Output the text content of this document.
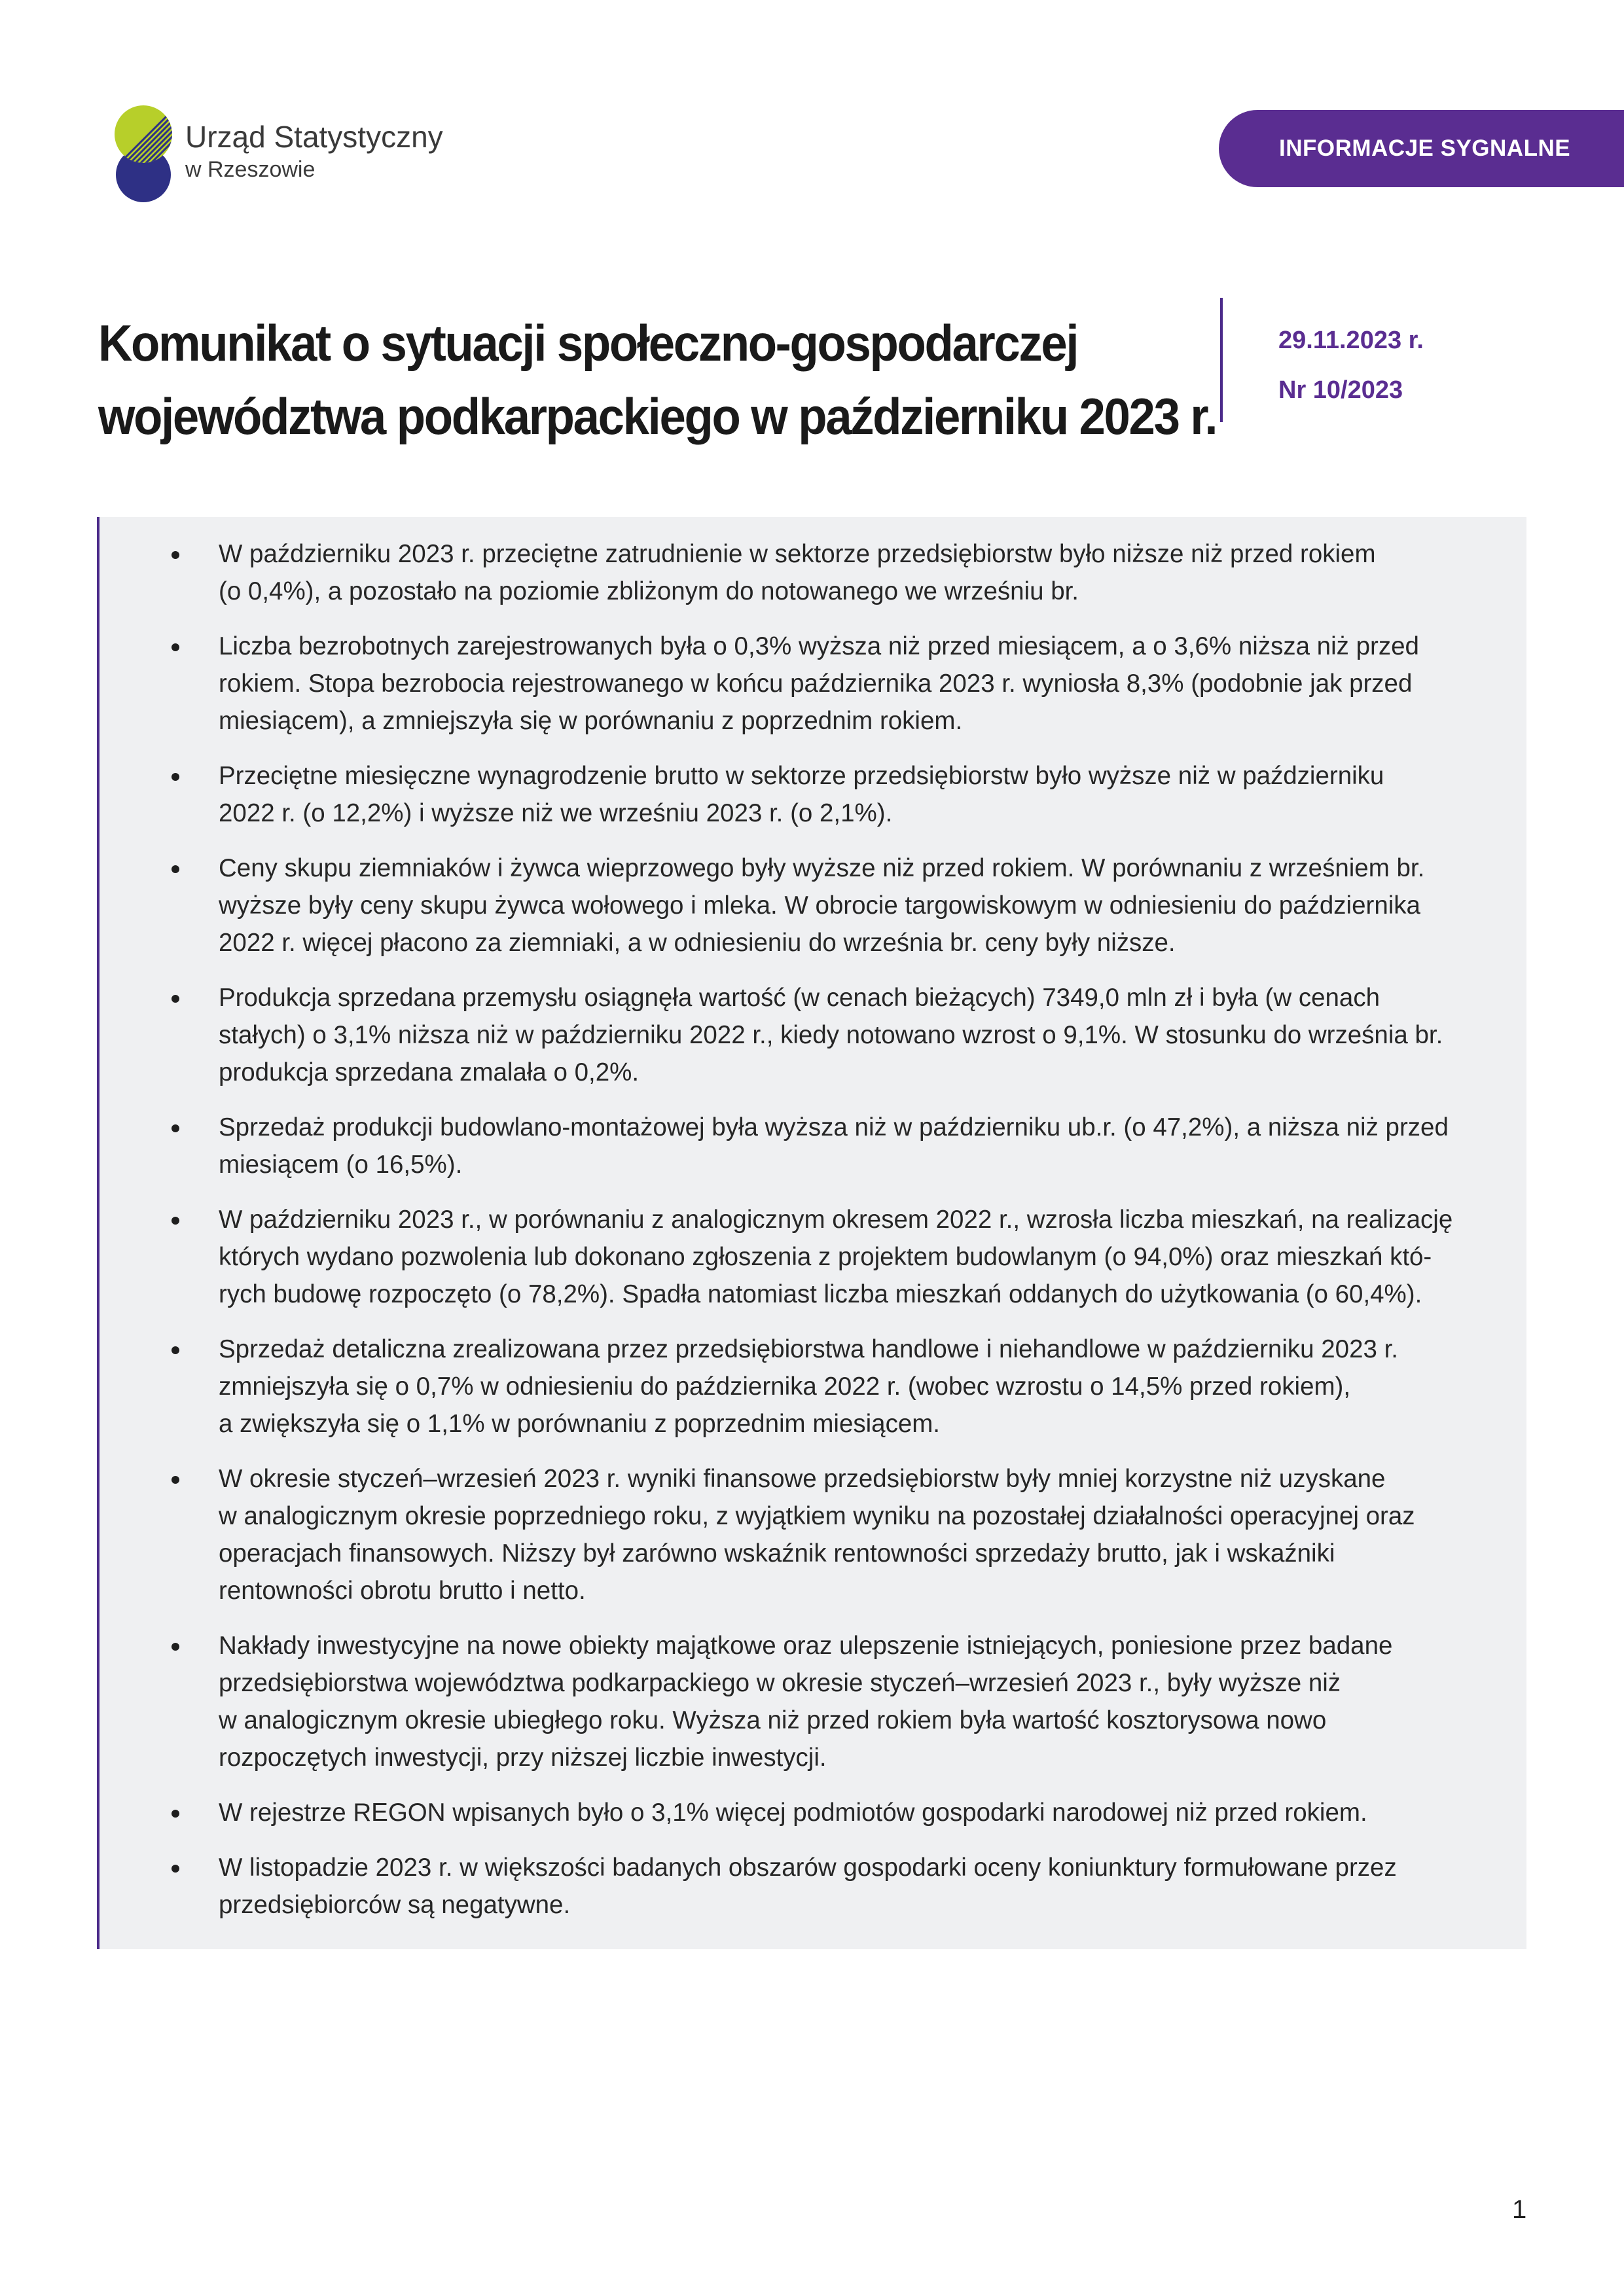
Urząd Statystyczny
w Rzeszowie
INFORMACJE SYGNALNE
Komunikat o sytuacji społeczno-gospodarczej
województwa podkarpackiego w październiku 2023 r.
29.11.2023 r.
Nr 10/2023
W październiku 2023 r. przeciętne zatrudnienie w sektorze przedsiębiorstw było niższe niż przed rokiem
(o 0,4%), a pozostało na poziomie zbliżonym do notowanego we wrześniu br.
Liczba bezrobotnych zarejestrowanych była o 0,3% wyższa niż przed miesiącem, a o 3,6% niższa niż przed
rokiem. Stopa bezrobocia rejestrowanego w końcu października 2023 r. wyniosła 8,3% (podobnie jak przed
miesiącem), a zmniejszyła się w porównaniu z poprzednim rokiem.
Przeciętne miesięczne wynagrodzenie brutto w sektorze przedsiębiorstw było wyższe niż w październiku
2022 r. (o 12,2%) i wyższe niż we wrześniu 2023 r. (o 2,1%).
Ceny skupu ziemniaków i żywca wieprzowego były wyższe niż przed rokiem. W porównaniu z wrześniem br.
wyższe były ceny skupu żywca wołowego i mleka. W obrocie targowiskowym w odniesieniu do października
2022 r. więcej płacono za ziemniaki, a w odniesieniu do września br. ceny były niższe.
Produkcja sprzedana przemysłu osiągnęła wartość (w cenach bieżących) 7349,0 mln zł i była (w cenach
stałych) o 3,1% niższa niż w październiku 2022 r., kiedy notowano wzrost o 9,1%. W stosunku do września br.
produkcja sprzedana zmalała o 0,2%.
Sprzedaż produkcji budowlano-montażowej była wyższa niż w październiku ub.r. (o 47,2%), a niższa niż przed
miesiącem (o 16,5%).
W październiku 2023 r., w porównaniu z analogicznym okresem 2022 r., wzrosła liczba mieszkań, na realizację
których wydano pozwolenia lub dokonano zgłoszenia z projektem budowlanym (o 94,0%) oraz mieszkań któ-
rych budowę rozpoczęto (o 78,2%). Spadła natomiast liczba mieszkań oddanych do użytkowania (o 60,4%).
Sprzedaż detaliczna zrealizowana przez przedsiębiorstwa handlowe i niehandlowe w październiku 2023 r.
zmniejszyła się o 0,7% w odniesieniu do października 2022 r. (wobec wzrostu o 14,5% przed rokiem),
a zwiększyła się o 1,1% w porównaniu z poprzednim miesiącem.
W okresie styczeń–wrzesień 2023 r. wyniki finansowe przedsiębiorstw były mniej korzystne niż uzyskane
w analogicznym okresie poprzedniego roku, z wyjątkiem wyniku na pozostałej działalności operacyjnej oraz
operacjach finansowych. Niższy był zarówno wskaźnik rentowności sprzedaży brutto, jak i wskaźniki
rentowności obrotu brutto i netto.
Nakłady inwestycyjne na nowe obiekty majątkowe oraz ulepszenie istniejących, poniesione przez badane
przedsiębiorstwa województwa podkarpackiego w okresie styczeń–wrzesień 2023 r., były wyższe niż
w analogicznym okresie ubiegłego roku. Wyższa niż przed rokiem była wartość kosztorysowa nowo
rozpoczętych inwestycji, przy niższej liczbie inwestycji.
W rejestrze REGON wpisanych było o 3,1% więcej podmiotów gospodarki narodowej niż przed rokiem.
W listopadzie 2023 r. w większości badanych obszarów gospodarki oceny koniunktury formułowane przez
przedsiębiorców są negatywne.
1
